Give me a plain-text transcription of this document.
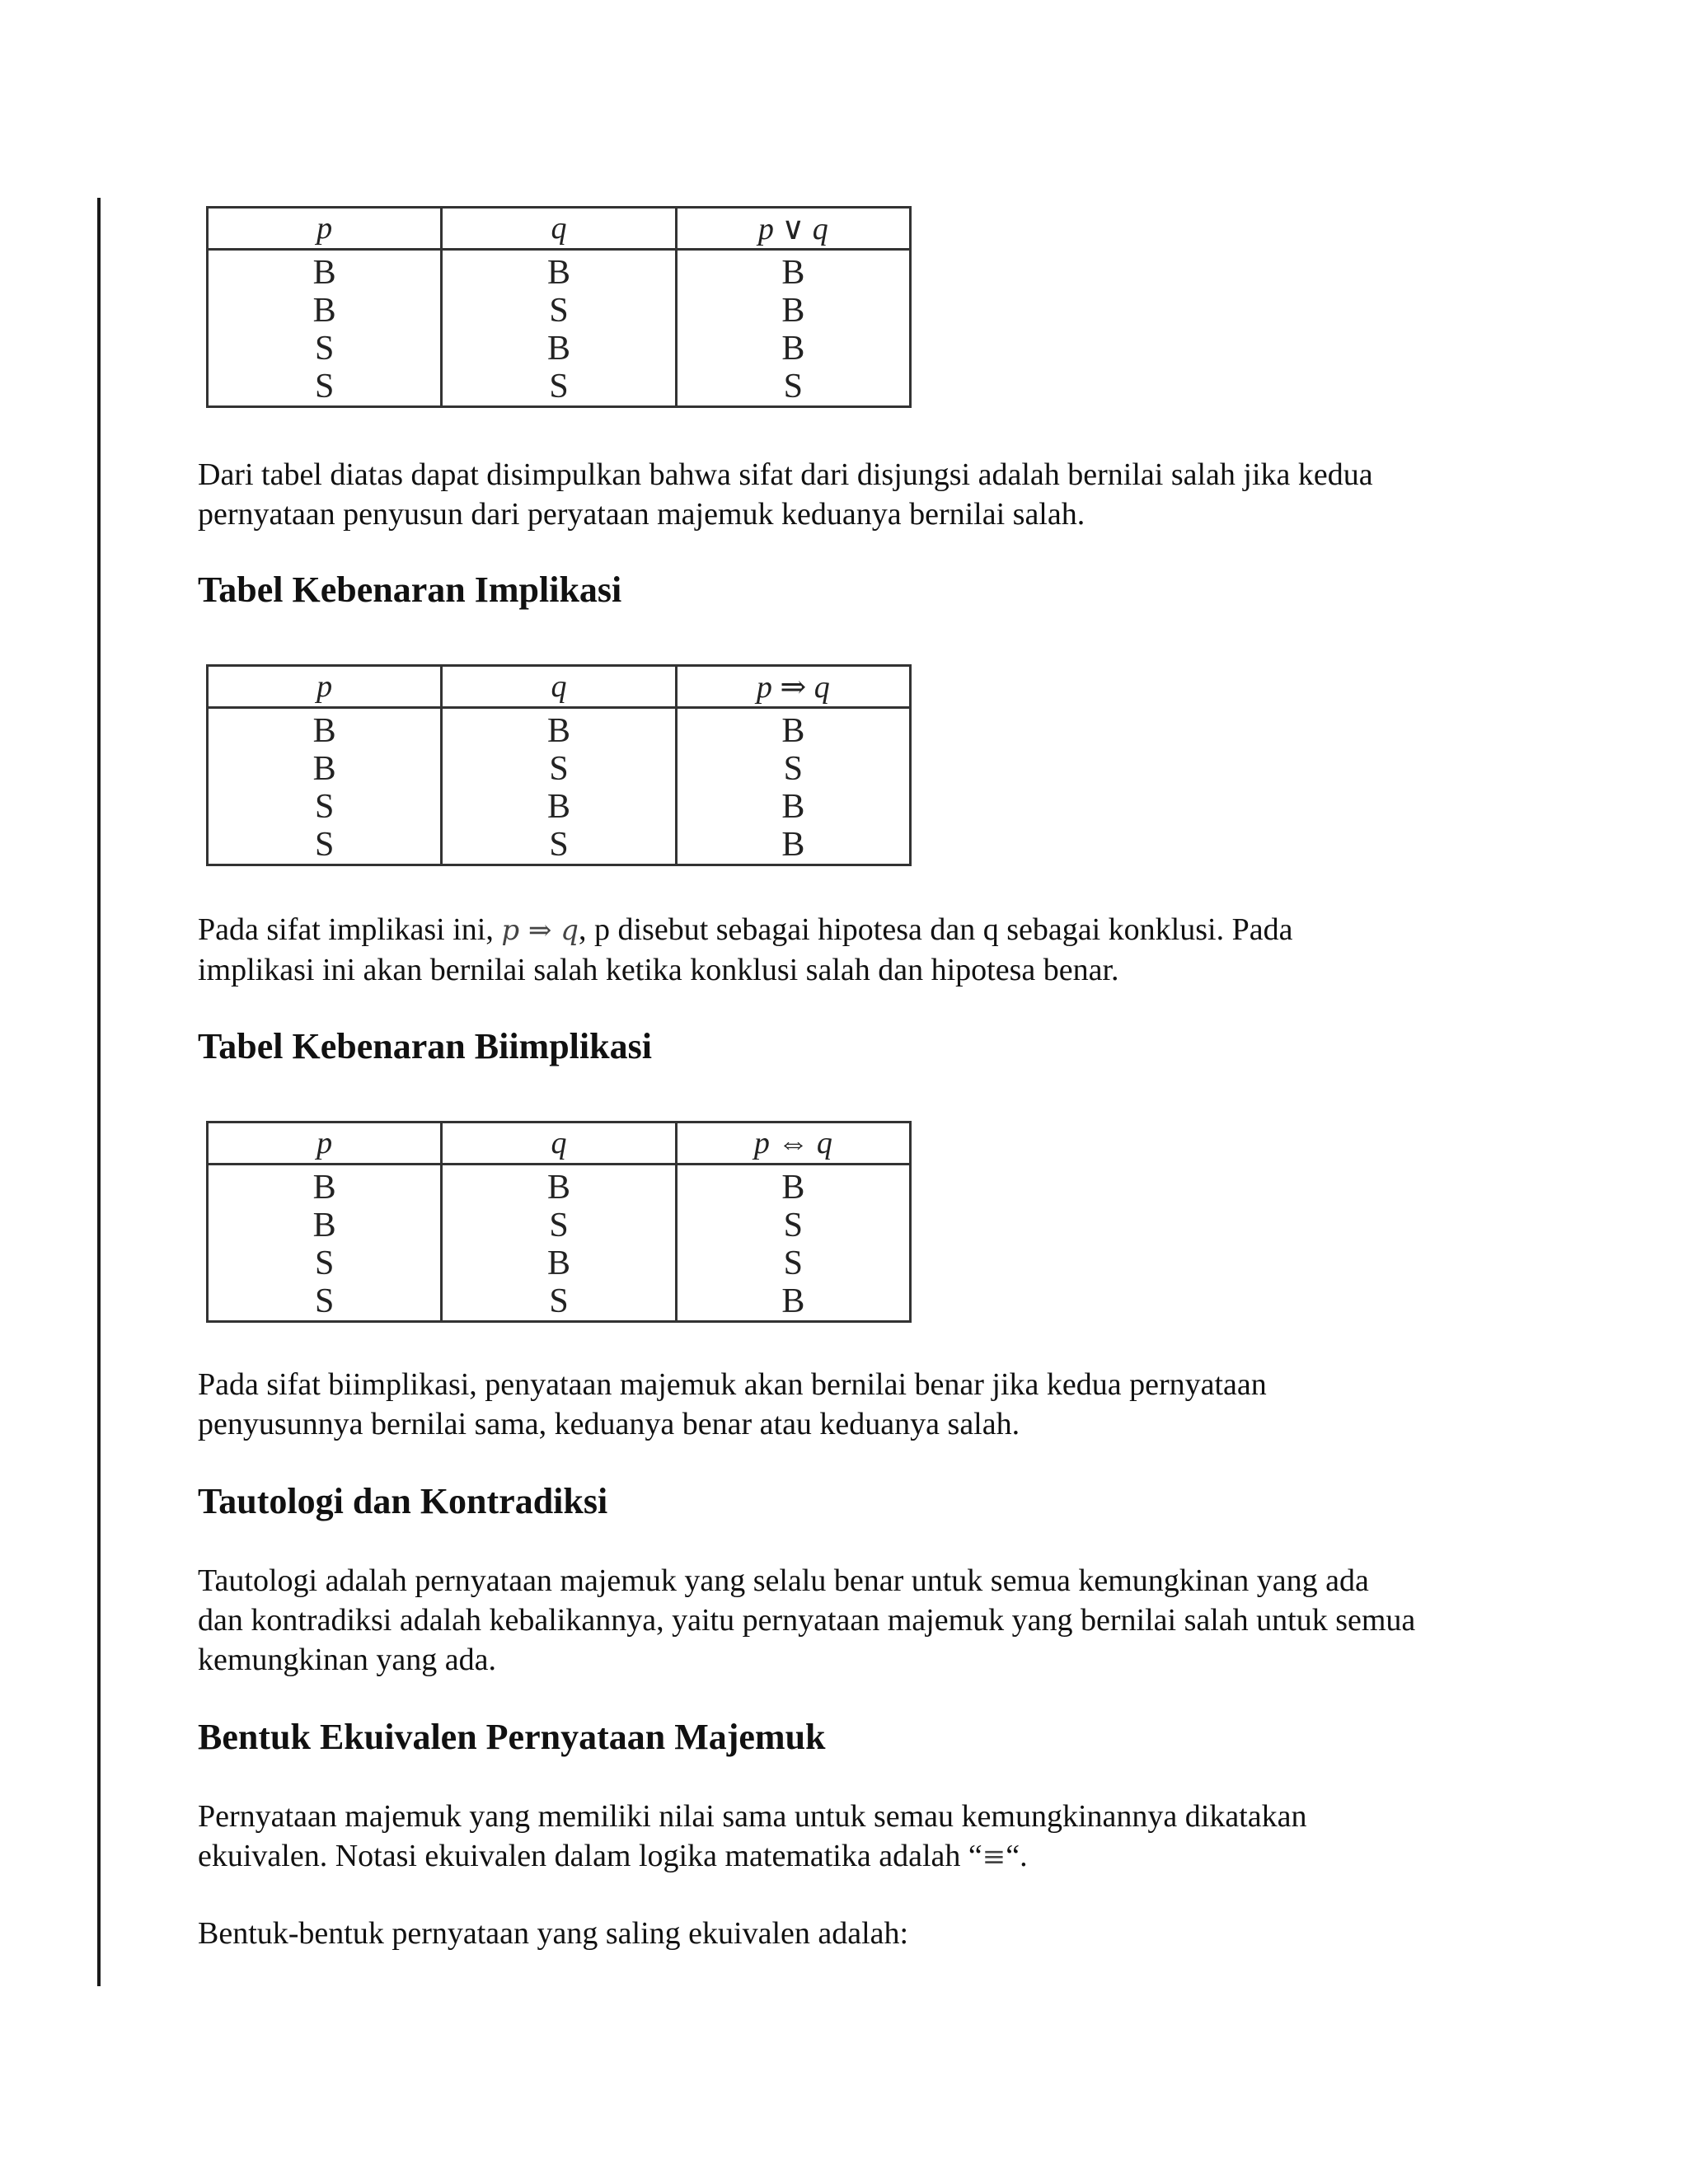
p	q	p ∨ q
B	B	B
B	S	B
S	B	B
S	S	S

Dari tabel diatas dapat disimpulkan bahwa sifat dari disjungsi adalah bernilai salah jika kedua
pernyataan penyusun dari peryataan majemuk keduanya bernilai salah.

Tabel Kebenaran Implikasi
p	q	p ⇒ q
B	B	B
B	S	S
S	B	B
S	S	B

Pada sifat implikasi ini, p ⇒ q, p disebut sebagai hipotesa dan q sebagai konklusi. Pada
implikasi ini akan bernilai salah ketika konklusi salah dan hipotesa benar.

Tabel Kebenaran Biimplikasi
p	q	p ⇔ q
B	B	B
B	S	S
S	B	S
S	S	B

Pada sifat biimplikasi, penyataan majemuk akan bernilai benar jika kedua pernyataan
penyusunnya bernilai sama, keduanya benar atau keduanya salah.

Tautologi dan Kontradiksi

Tautologi adalah pernyataan majemuk yang selalu benar untuk semua kemungkinan yang ada
dan kontradiksi adalah kebalikannya, yaitu pernyataan majemuk yang bernilai salah untuk semua
kemungkinan yang ada.

Bentuk Ekuivalen Pernyataan Majemuk

Pernyataan majemuk yang memiliki nilai sama untuk semau kemungkinannya dikatakan
ekuivalen. Notasi ekuivalen dalam logika matematika adalah “≡“.

Bentuk-bentuk pernyataan yang saling ekuivalen adalah:
